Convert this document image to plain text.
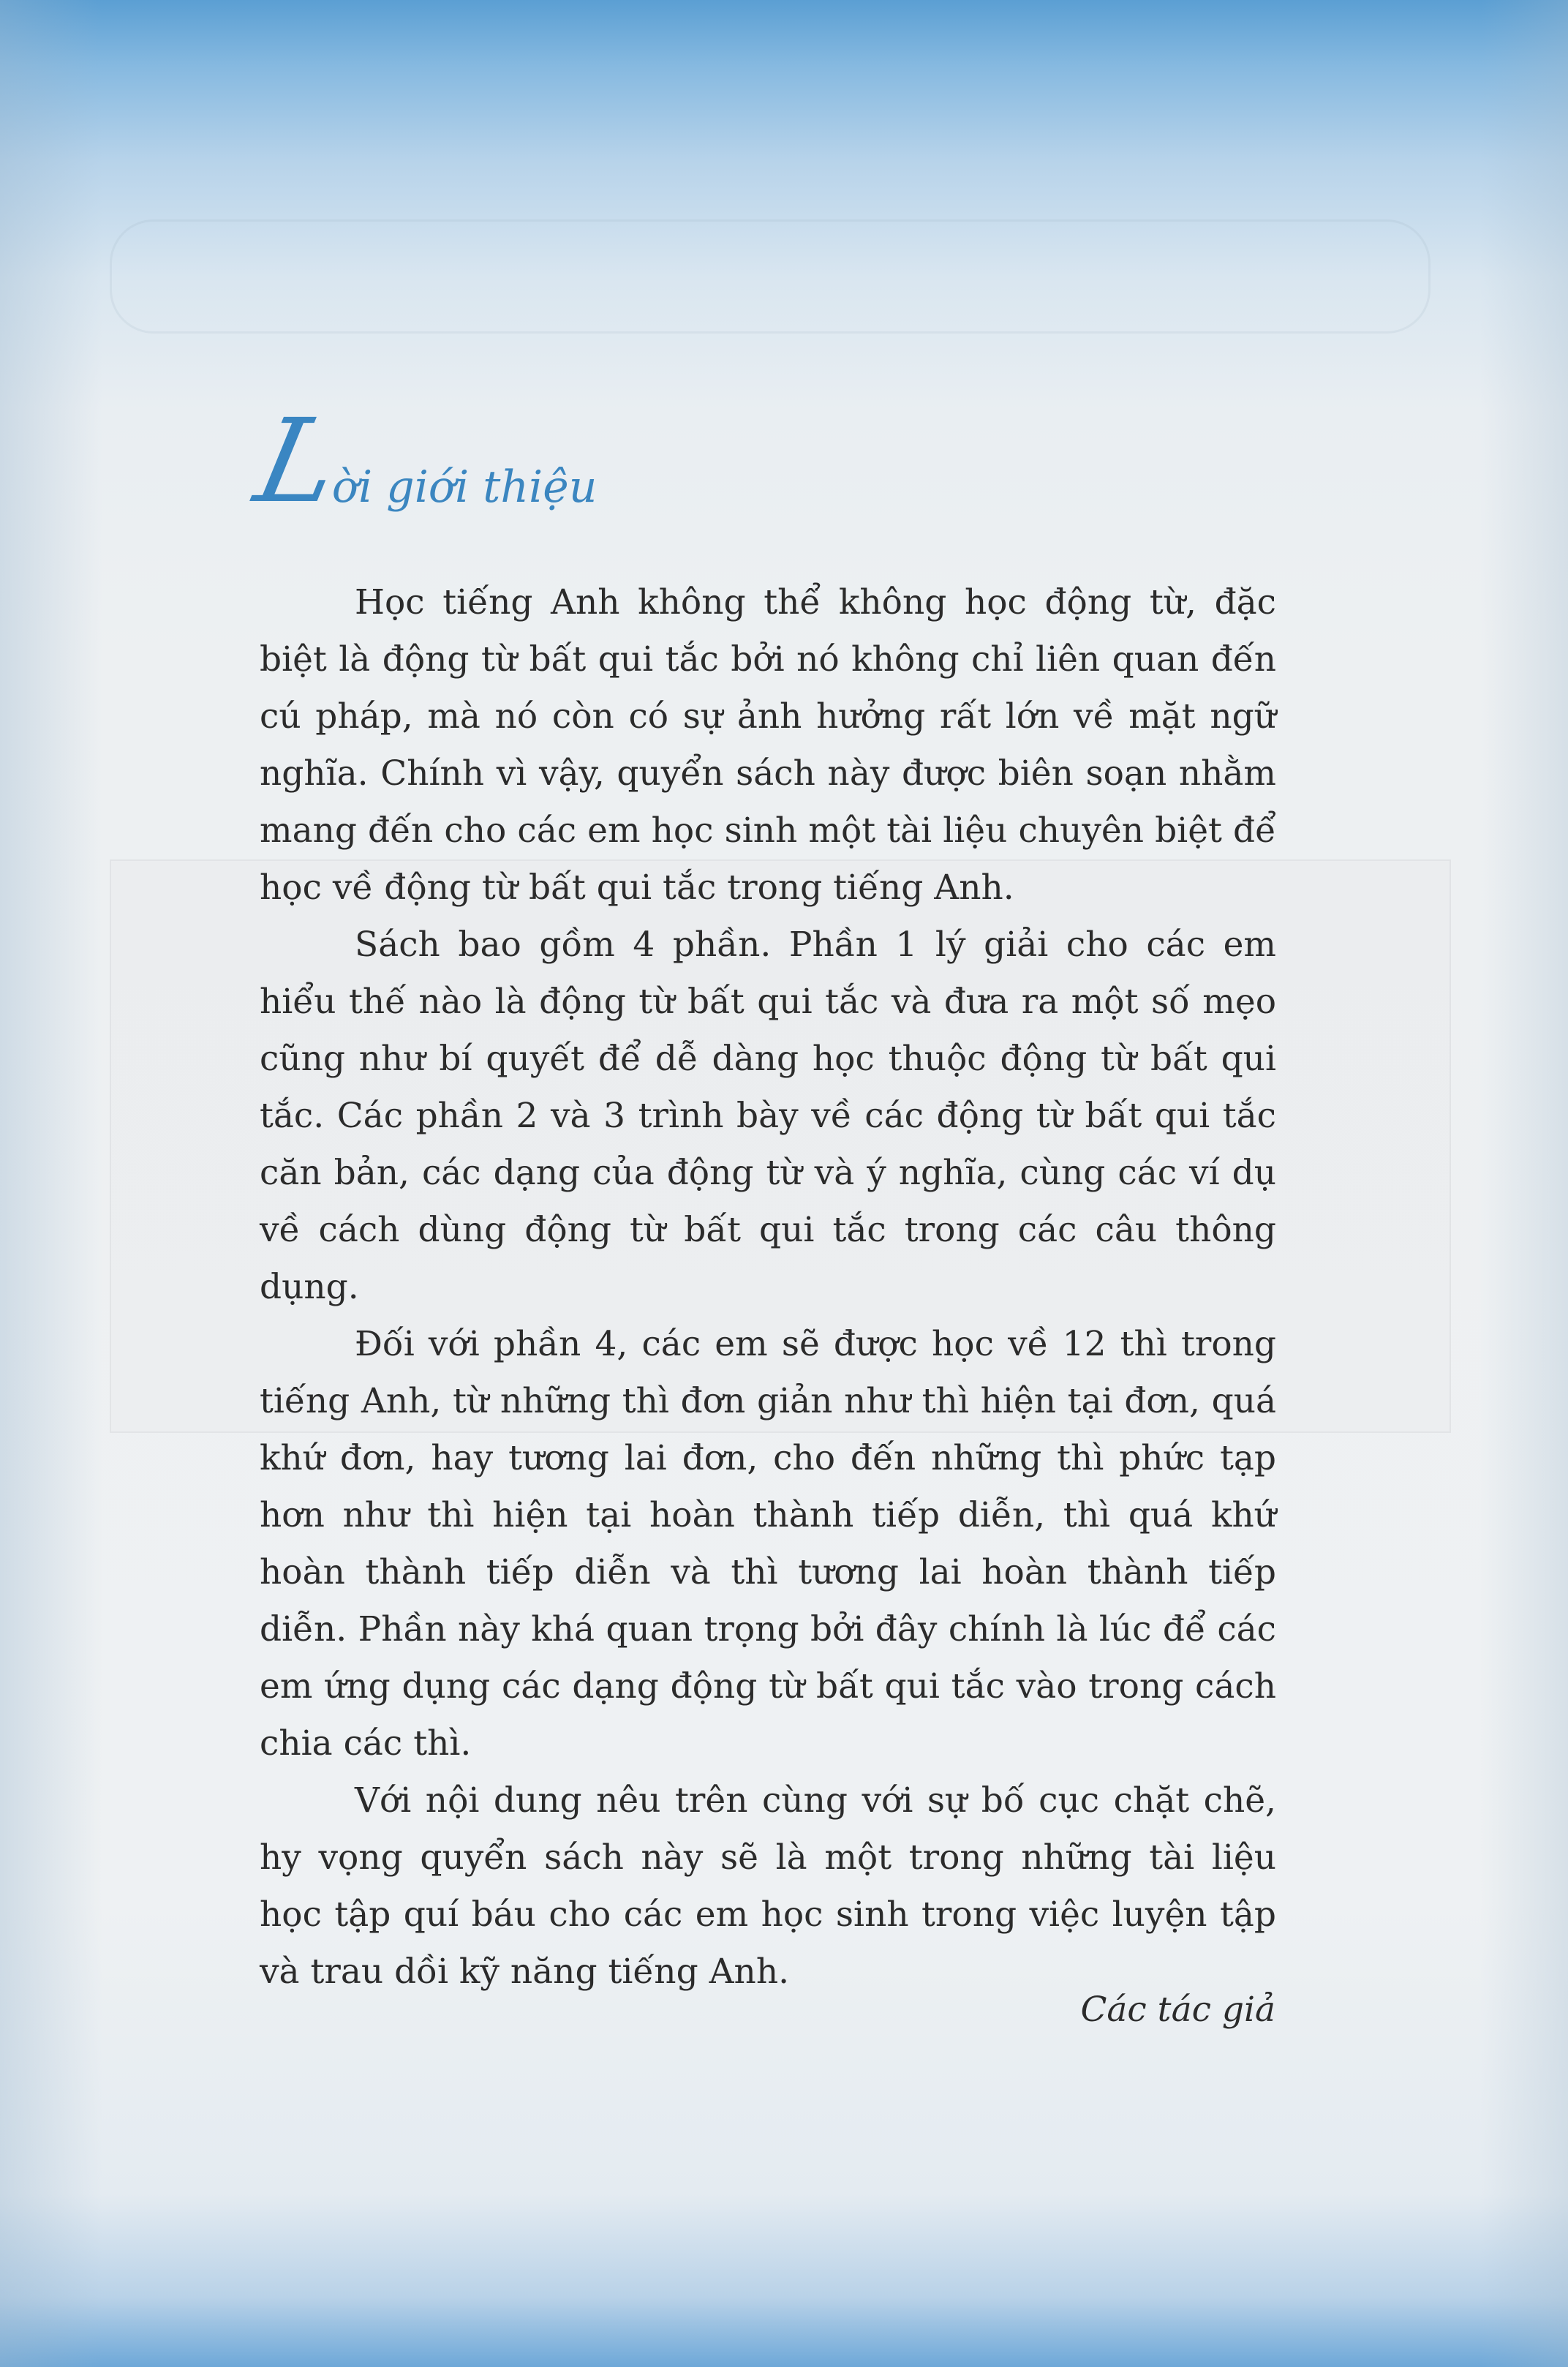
L
ời giới thiệu

Học tiếng Anh không thể không học động từ, đặc biệt là động từ bất qui tắc bởi nó không chỉ liên quan đến cú pháp, mà nó còn có sự ảnh hưởng rất lớn về mặt ngữ nghĩa. Chính vì vậy, quyển sách này được biên soạn nhằm mang đến cho các em học sinh một tài liệu chuyên biệt để học về động từ bất qui tắc trong tiếng Anh.

Sách bao gồm 4 phần. Phần 1 lý giải cho các em hiểu thế nào là động từ bất qui tắc và đưa ra một số mẹo cũng như bí quyết để dễ dàng học thuộc động từ bất qui tắc. Các phần 2 và 3 trình bày về các động từ bất qui tắc căn bản, các dạng của động từ và ý nghĩa, cùng các ví dụ về cách dùng động từ bất qui tắc trong các câu thông dụng.

Đối với phần 4, các em sẽ được học về 12 thì trong tiếng Anh, từ những thì đơn giản như thì hiện tại đơn, quá khứ đơn, hay tương lai đơn, cho đến những thì phức tạp hơn như thì hiện tại hoàn thành tiếp diễn, thì quá khứ hoàn thành tiếp diễn và thì tương lai hoàn thành tiếp diễn. Phần này khá quan trọng bởi đây chính là lúc để các em ứng dụng các dạng động từ bất qui tắc vào trong cách chia các thì.

Với nội dung nêu trên cùng với sự bố cục chặt chẽ, hy vọng quyển sách này sẽ là một trong những tài liệu học tập quí báu cho các em học sinh trong việc luyện tập và trau dồi kỹ năng tiếng Anh.

Các tác giả
